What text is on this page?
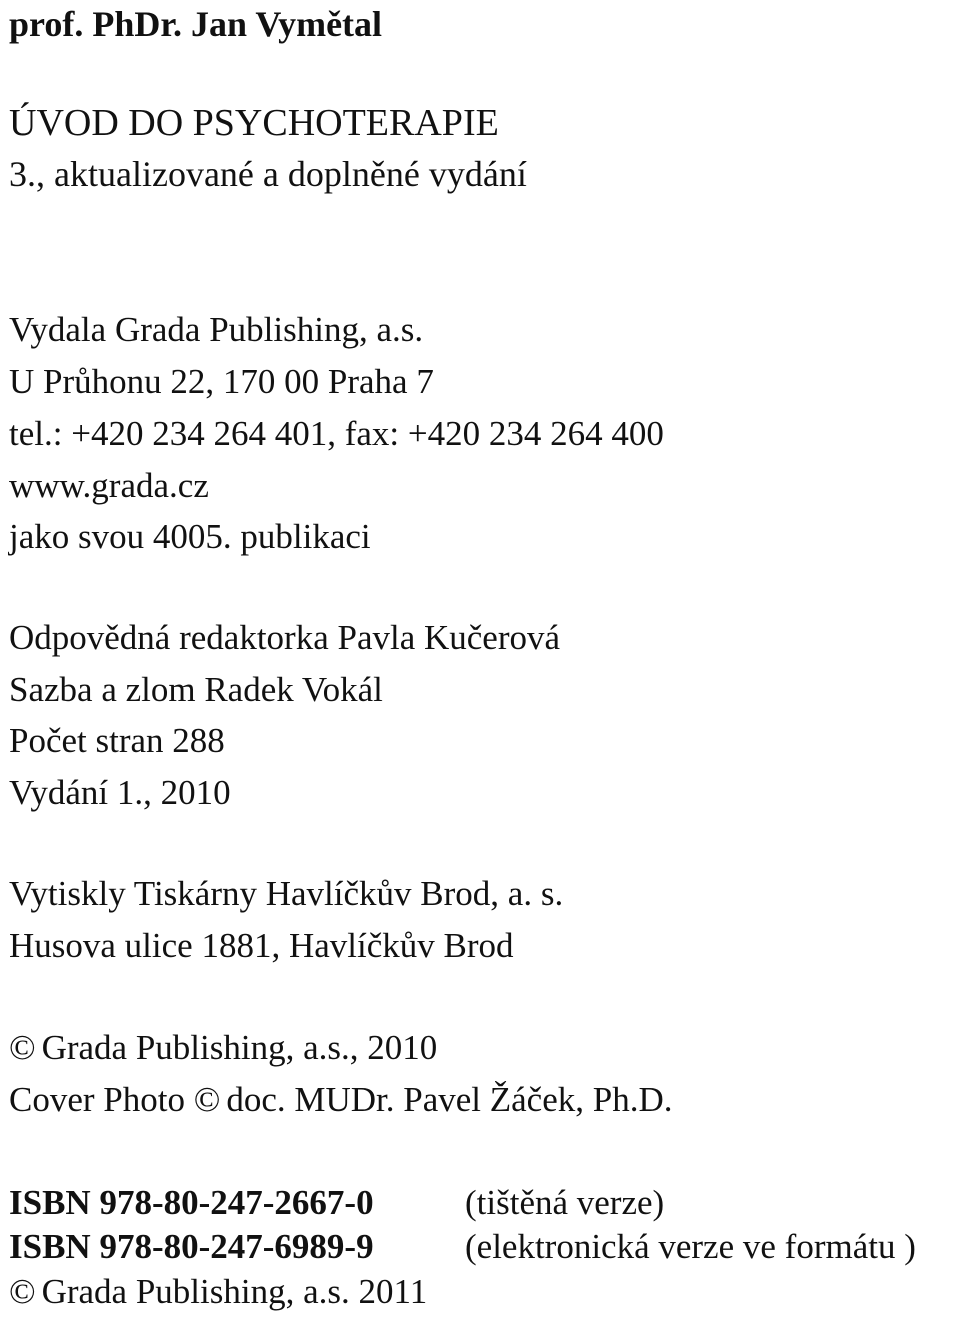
prof. PhDr. Jan Vymětal

ÚVOD DO PSYCHOTERAPIE

3., aktualizované a doplněné vydání

Vydala Grada Publishing, a.s.

U Průhonu 22, 170 00 Praha 7

tel.: +420 234 264 401, fax: +420 234 264 400

www.grada.cz

jako svou 4005. publikaci

Odpovědná redaktorka Pavla Kučerová

Sazba a zlom Radek Vokál

Počet stran 288

Vydání 1., 2010

Vytiskly Tiskárny Havlíčkův Brod, a. s.

Husova ulice 1881, Havlíčkův Brod

© Grada Publishing, a.s., 2010

Cover Photo © doc. MUDr. Pavel Žáček, Ph.D.

ISBN 978-80-247-2667-0	(tištěná verze)
ISBN 978-80-247-6989-9	(elektronická verze ve formátu )

© Grada Publishing, a.s. 2011
